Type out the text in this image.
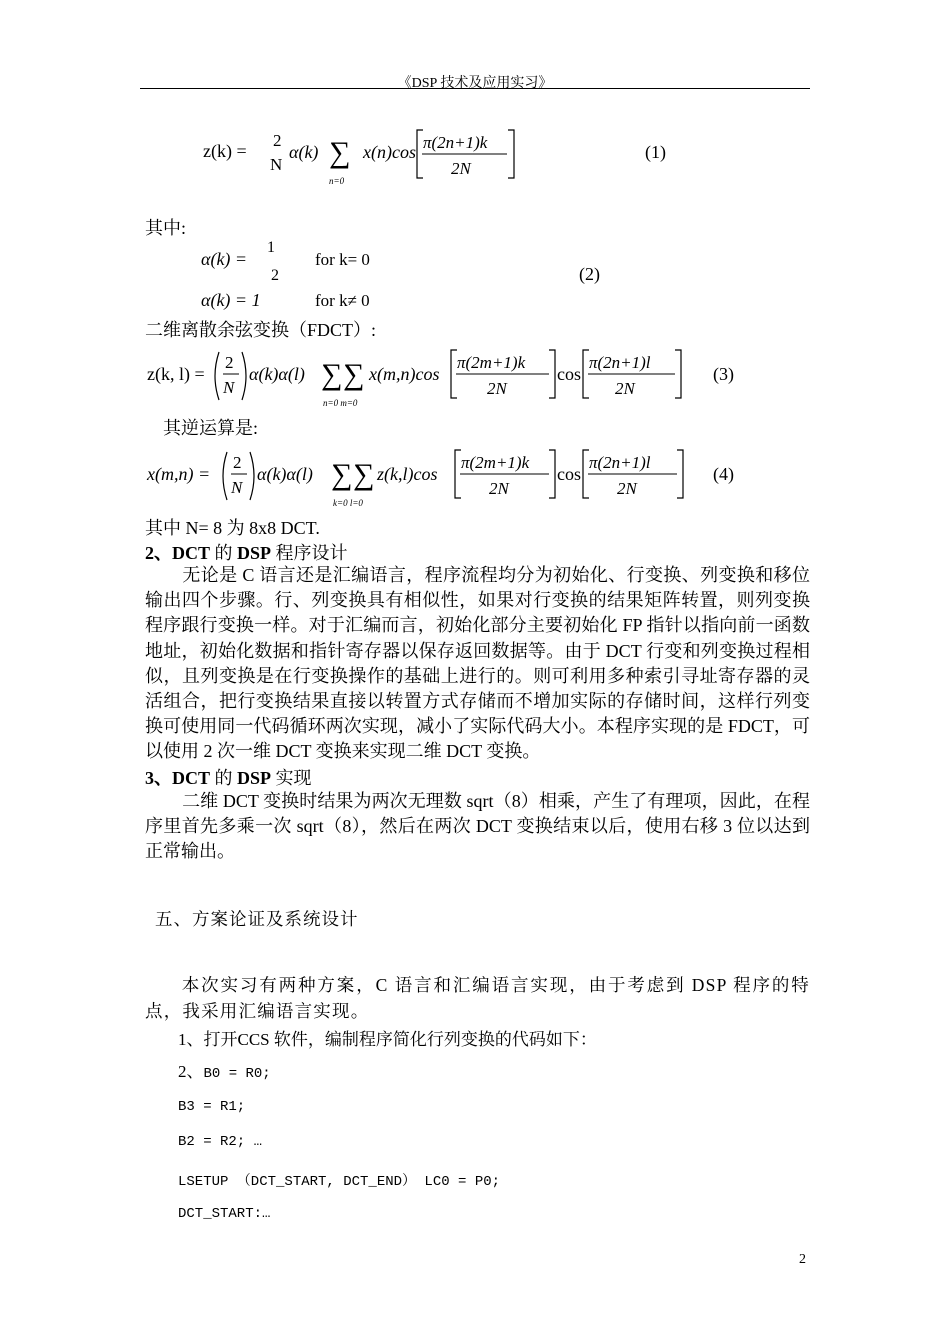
《DSP 技术及应用实习》
z(k) =
2
N
α(k) ∑
n=0
x(n)cos π(2n+1)k
2N
(1)
其中:
α(k) =
1
2
for k= 0
(2)
α(k) = 1	for k≠ 0
二维离散余弦变换（FDCT）:
z(k, l) =
2
N
α(k)α(l) ∑ ∑
n=0 m=0
x(m,n)cos
π(2m+1)k
2N
cos
π(2n+1)l
2N
(3)
其逆运算是:
x(m,n) =
2
N
α(k)α(l) ∑ ∑
k=0 l=0
z(k,l)cos
π(2m+1)k
2N
cos
π(2n+1)l
2N
(4)
其中 N= 8 为 8x8 DCT.
2、DCT 的 DSP 程序设计
无论是 C 语言还是汇编语言，程序流程均分为初始化、行变换、列变换和移位输出四个步骤。行、列变换具有相似性，如果对行变换的结果矩阵转置，则列变换程序跟行变换一样。对于汇编而言，初始化部分主要初始化 FP 指针以指向前一函数地址，初始化数据和指针寄存器以保存返回数据等。由于 DCT 行变和列变换过程相似，且列变换是在行变换操作的基础上进行的。则可利用多种索引寻址寄存器的灵活组合，把行变换结果直接以转置方式存储而不增加实际的存储时间，这样行列变换可使用同一代码循环两次实现，减小了实际代码大小。本程序实现的是 FDCT，可以使用 2 次一维 DCT 变换来实现二维 DCT 变换。
3、DCT 的 DSP 实现
二维 DCT 变换时结果为两次无理数 sqrt（8）相乘，产生了有理项，因此，在程序里首先多乘一次 sqrt（8），然后在两次 DCT 变换结束以后，使用右移 3 位以达到正常输出。
五、方案论证及系统设计
本次实习有两种方案，C 语言和汇编语言实现，由于考虑到 DSP 程序的特点，我采用汇编语言实现。
1、打开CCS 软件，编制程序简化行列变换的代码如下：
2、B0 = R0;
B3 = R1;
B2 = R2; …
LSETUP （DCT_START, DCT_END） LC0 = P0;
DCT_START:…
2
